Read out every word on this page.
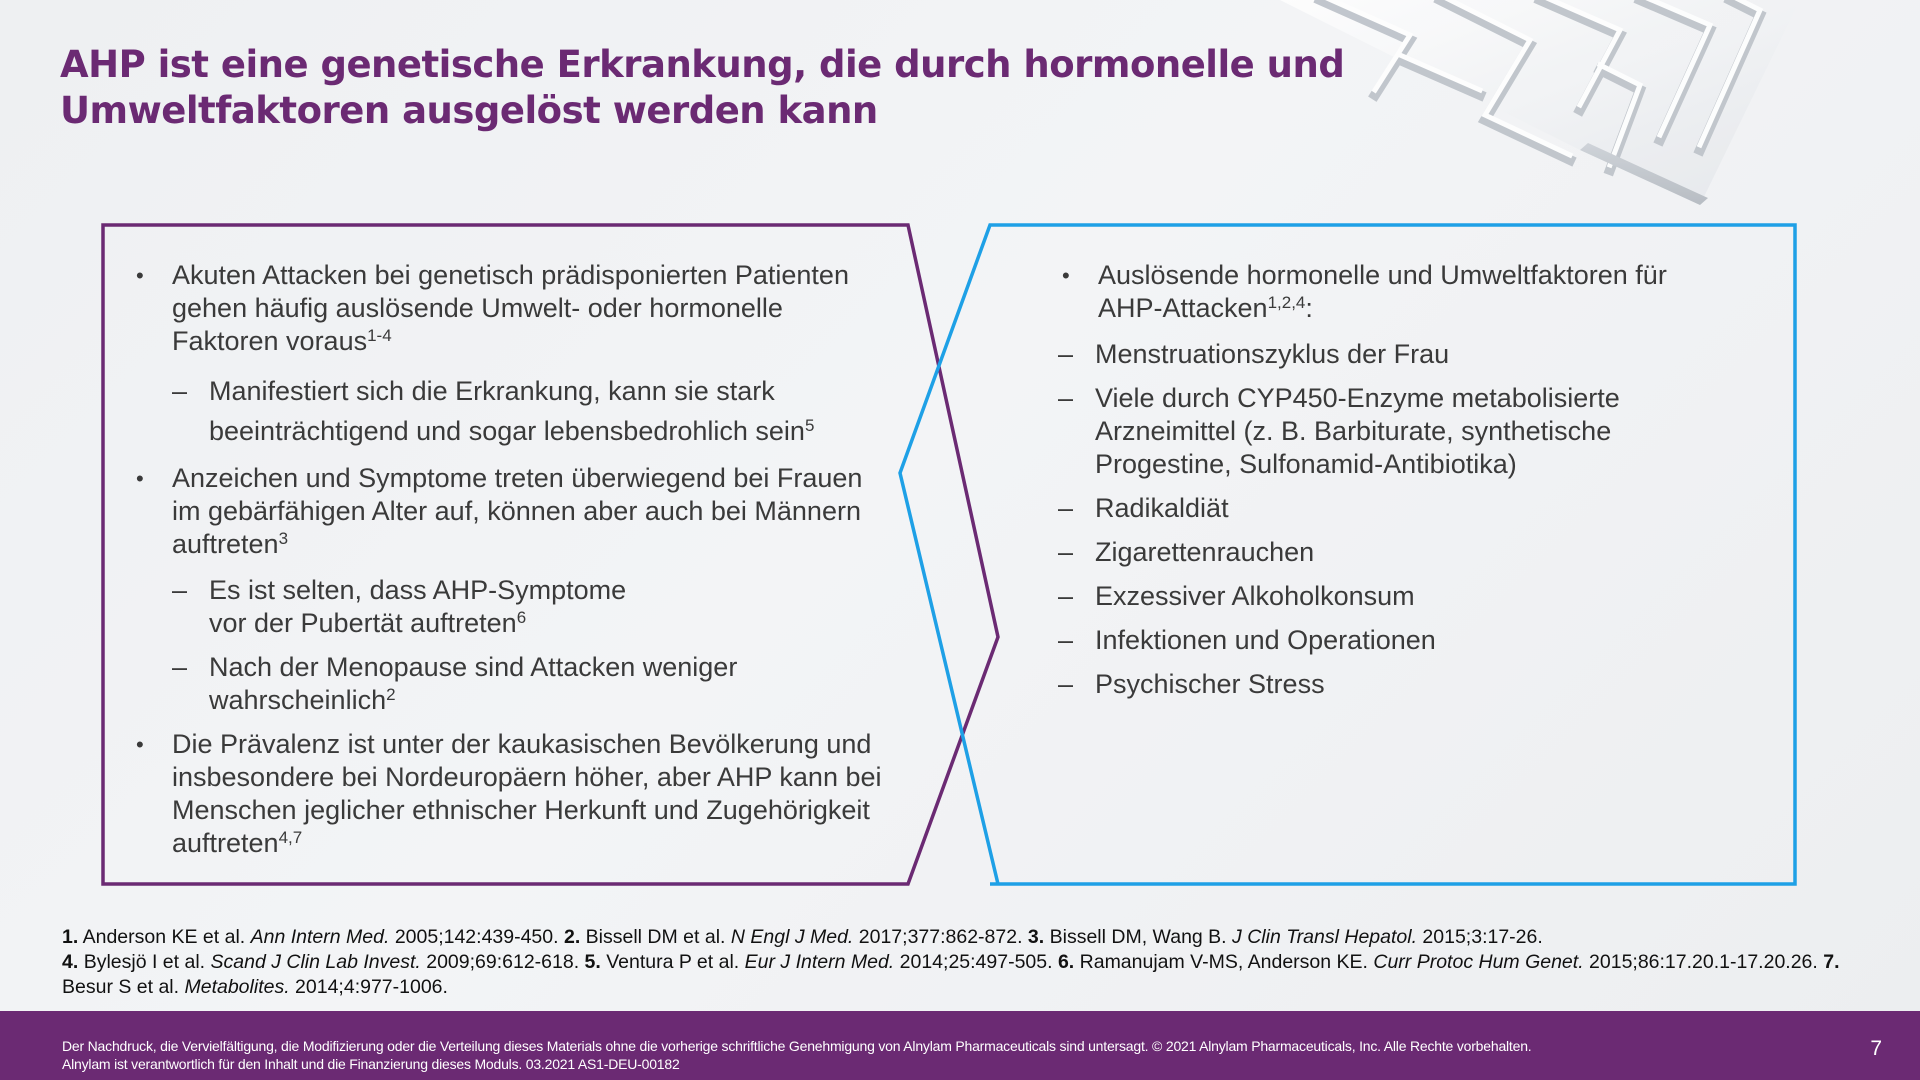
AHP ist eine genetische Erkrankung, die durch hormonelle und Umweltfaktoren ausgelöst werden kann
• Akuten Attacken bei genetisch prädisponierten Patienten gehen häufig auslösende Umwelt- oder hormonelle Faktoren voraus$^{1-4}$
– Manifestiert sich die Erkrankung, kann sie stark beeinträchtigend und sogar lebensbedrohlich sein$^5$
• Anzeichen und Symptome treten überwiegend bei Frauen im gebärfähigen Alter auf, können aber auch bei Männern auftreten$^3$
– Es ist selten, dass AHP-Symptome
vor der Pubertät auftreten$^6$
– Nach der Menopause sind Attacken weniger wahrscheinlich$^2$
• Die Prävalenz ist unter der kaukasischen Bevölkerung und insbesondere bei Nordeuropäern höher, aber AHP kann bei Menschen jeglicher ethnischer Herkunft und Zugehörigkeit auftreten$^{4,7}$
• Auslösende hormonelle und Umweltfaktoren für
AHP-Attacken$^{1,2,4}$:
– Menstruationszyklus der Frau
– Viele durch CYP450-Enzyme metabolisierte Arzneimittel (z. B. Barbiturate, synthetische Progestine, Sulfonamid-Antibiotika)
– Radikaldiät
– Zigarettenrauchen
– Exzessiver Alkoholkonsum
– Infektionen und Operationen
– Psychischer Stress
1. Anderson KE et al. Ann Intern Med. 2005;142:439-450. 2. Bissell DM et al. N Engl J Med. 2017;377:862-872. 3. Bissell DM, Wang B. J Clin Transl Hepatol. 2015;3:17-26.
4. Bylesjö I et al. Scand J Clin Lab Invest. 2009;69:612-618. 5. Ventura P et al. Eur J Intern Med. 2014;25:497-505. 6. Ramanujam V-MS, Anderson KE. Curr Protoc Hum Genet. 2015;86:17.20.1-17.20.26. 7. Besur S et al. Metabolites. 2014;4:977-1006.
Der Nachdruck, die Vervielfältigung, die Modifizierung oder die Verteilung dieses Materials ohne die vorherige schriftliche Genehmigung von Alnylam Pharmaceuticals sind untersagt. © 2021 Alnylam Pharmaceuticals, Inc. Alle Rechte vorbehalten.
Alnylam ist verantwortlich für den Inhalt und die Finanzierung dieses Moduls. 03.2021 AS1-DEU-00182
7
